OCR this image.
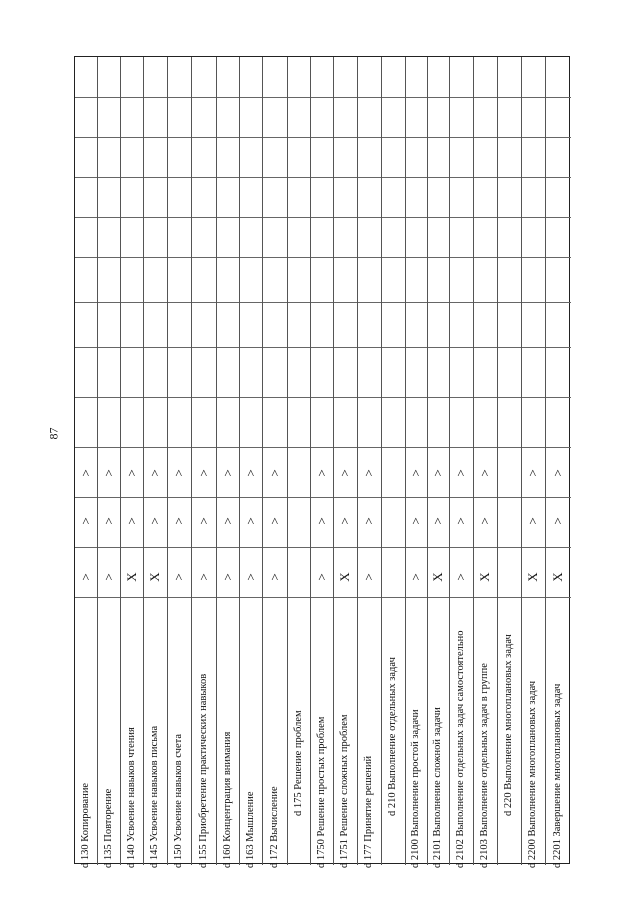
87
d 130 Копирование
>
>
>
d 135 Повторение
>
>
>
d 140 Усвоение навыков чтения
X
>
>
d 145 Усвоение навыков письма
X
>
>
d 150 Усвоение навыков счета
>
>
>
d 155 Приобретение практических навыков
>
>
>
d 160 Концентрация внимания
>
>
>
d 163 Мышление
>
>
>
d 172 Вычисление
>
>
>
d 175 Решение проблем d 1750 Решение простых проблем
>
>
>
d 1751 Решение сложных проблем
X
>
>
d 177 Принятие решений
>
>
>
d 210 Выполнение отдельных задач d 2100 Выполнение простой задачи
>
>
>
d 2101 Выполнение сложной задачи
X
>
>
d 2102 Выполнение отдельных задач самостоятельно
>
>
>
d 2103 Выполнение отдельных задач в группе
X
>
>
d 220 Выполнение многоплановых задач d 2200 Выполнение многоплановых задач
X
>
>
d 2201 Завершение многоплановых задач
X
>
>
